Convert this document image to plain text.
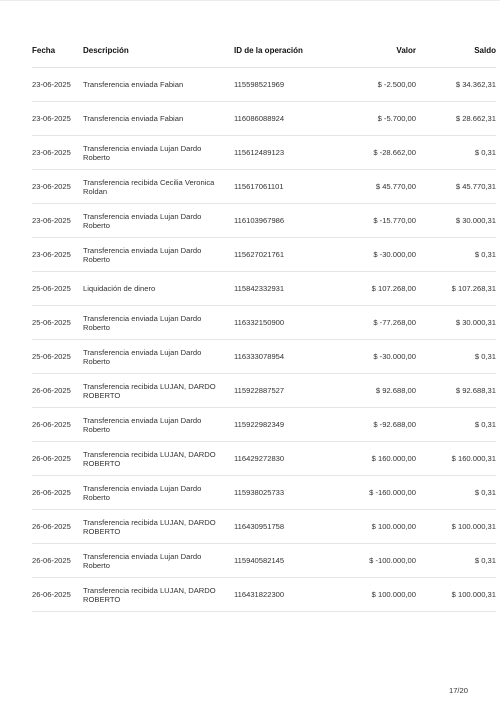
Fecha	Descripción	ID de la operación	Valor	Saldo
23-06-2025	Transferencia enviada Fabian	115598521969	$ -2.500,00	$ 34.362,31
23-06-2025	Transferencia enviada Fabian	116086088924	$ -5.700,00	$ 28.662,31
23-06-2025	Transferencia enviada Lujan Dardo Roberto	115612489123	$ -28.662,00	$ 0,31
23-06-2025	Transferencia recibida Cecilia Veronica Roldan	115617061101	$ 45.770,00	$ 45.770,31
23-06-2025	Transferencia enviada Lujan Dardo Roberto	116103967986	$ -15.770,00	$ 30.000,31
23-06-2025	Transferencia enviada Lujan Dardo Roberto	115627021761	$ -30.000,00	$ 0,31
25-06-2025	Liquidación de dinero	115842332931	$ 107.268,00	$ 107.268,31
25-06-2025	Transferencia enviada Lujan Dardo Roberto	116332150900	$ -77.268,00	$ 30.000,31
25-06-2025	Transferencia enviada Lujan Dardo Roberto	116333078954	$ -30.000,00	$ 0,31
26-06-2025	Transferencia recibida LUJAN, DARDO ROBERTO	115922887527	$ 92.688,00	$ 92.688,31
26-06-2025	Transferencia enviada Lujan Dardo Roberto	115922982349	$ -92.688,00	$ 0,31
26-06-2025	Transferencia recibida LUJAN, DARDO ROBERTO	116429272830	$ 160.000,00	$ 160.000,31
26-06-2025	Transferencia enviada Lujan Dardo Roberto	115938025733	$ -160.000,00	$ 0,31
26-06-2025	Transferencia recibida LUJAN, DARDO ROBERTO	116430951758	$ 100.000,00	$ 100.000,31
26-06-2025	Transferencia enviada Lujan Dardo Roberto	115940582145	$ -100.000,00	$ 0,31
26-06-2025	Transferencia recibida LUJAN, DARDO ROBERTO	116431822300	$ 100.000,00	$ 100.000,31
17/20
